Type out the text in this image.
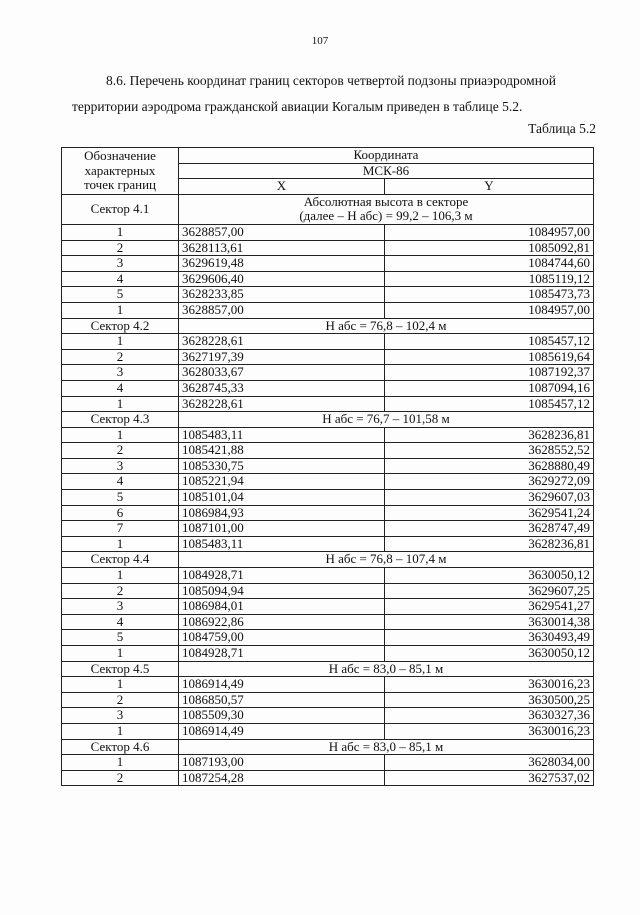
107
8.6. Перечень координат границ секторов четвертой подзоны приаэродромной
территории аэродрома гражданской авиации Когалым приведен в таблице 5.2.
Таблица 5.2
Обозначение
характерных
точек границ	Координата	
	МСК-86	
	X	Y
Сектор 4.1	Абсолютная высота в секторе
(далее – Н абс) = 99,2 – 106,3 м	

1	3628857,00	1084957,00
2	3628113,61	1085092,81
3	3629619,48	1084744,60
4	3629606,40	1085119,12
5	3628233,85	1085473,73
1	3628857,00	1084957,00
Сектор 4.2	Н абс = 76,8 – 102,4 м	
1	3628228,61	1085457,12
2	3627197,39	1085619,64
3	3628033,67	1087192,37
4	3628745,33	1087094,16
1	3628228,61	1085457,12
Сектор 4.3	Н абс = 76,7 – 101,58 м	
1	1085483,11	3628236,81
2	1085421,88	3628552,52
3	1085330,75	3628880,49
4	1085221,94	3629272,09
5	1085101,04	3629607,03
6	1086984,93	3629541,24
7	1087101,00	3628747,49
1	1085483,11	3628236,81
Сектор 4.4	Н абс = 76,8 – 107,4 м	
1	1084928,71	3630050,12
2	1085094,94	3629607,25
3	1086984,01	3629541,27
4	1086922,86	3630014,38
5	1084759,00	3630493,49
1	1084928,71	3630050,12
Сектор 4.5	Н абс = 83,0 – 85,1 м	
1	1086914,49	3630016,23
2	1086850,57	3630500,25
3	1085509,30	3630327,36
1	1086914,49	3630016,23
Сектор 4.6	Н абс = 83,0 – 85,1 м	
1	1087193,00	3628034,00
2	1087254,28	3627537,02
